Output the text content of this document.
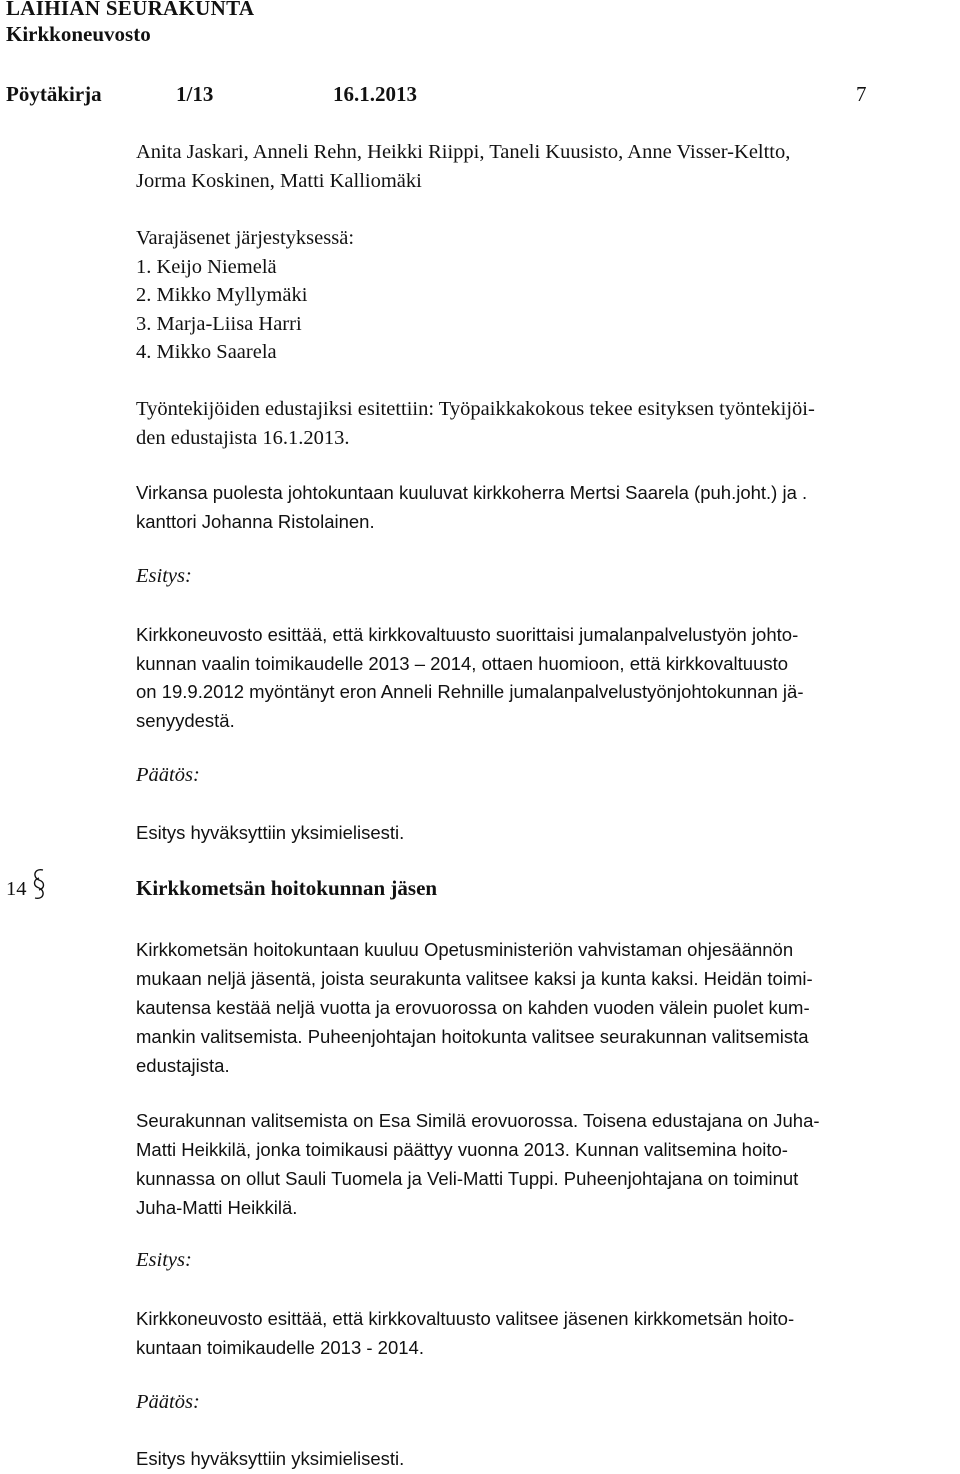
LAIHIAN SEURAKUNTA
Kirkkoneuvosto
Pöytäkirja	1/13	16.1.2013	7
Anita Jaskari, Anneli Rehn, Heikki Riippi, Taneli Kuusisto, Anne Visser-Keltto,
Jorma Koskinen, Matti Kalliomäki
Varajäsenet järjestyksessä:
1. Keijo Niemelä
2. Mikko Myllymäki
3. Marja-Liisa Harri
4. Mikko Saarela
Työntekijöiden edustajiksi esitettiin: Työpaikkakokous tekee esityksen työntekijöi-
den edustajista 16.1.2013.
Virkansa puolesta johtokuntaan kuuluvat kirkkoherra Mertsi Saarela (puh.joht.) ja .
kanttori Johanna Ristolainen.
Esitys:
Kirkkoneuvosto esittää, että kirkkovaltuusto suorittaisi jumalanpalvelustyön johto-
kunnan vaalin toimikaudelle 2013 – 2014, ottaen huomioon, että kirkkovaltuusto
on 19.9.2012 myöntänyt eron Anneli Rehnille jumalanpalvelustyönjohtokunnan jä-
senyydestä.
Päätös:
Esitys hyväksyttiin yksimielisesti.
14	Kirkkometsän hoitokunnan jäsen
Kirkkometsän hoitokuntaan kuuluu Opetusministeriön vahvistaman ohjesäännön
mukaan neljä jäsentä, joista seurakunta valitsee kaksi ja kunta kaksi. Heidän toimi-
kautensa kestää neljä vuotta ja erovuorossa on kahden vuoden välein puolet kum-
mankin valitsemista. Puheenjohtajan hoitokunta valitsee seurakunnan valitsemista
edustajista.
Seurakunnan valitsemista on Esa Similä erovuorossa. Toisena edustajana on Juha-
Matti Heikkilä, jonka toimikausi päättyy vuonna 2013. Kunnan valitsemina hoito-
kunnassa on ollut Sauli Tuomela ja Veli-Matti Tuppi. Puheenjohtajana on toiminut
Juha-Matti Heikkilä.
Esitys:
Kirkkoneuvosto esittää, että kirkkovaltuusto valitsee jäsenen kirkkometsän hoito-
kuntaan toimikaudelle 2013 - 2014.
Päätös:
Esitys hyväksyttiin yksimielisesti.
